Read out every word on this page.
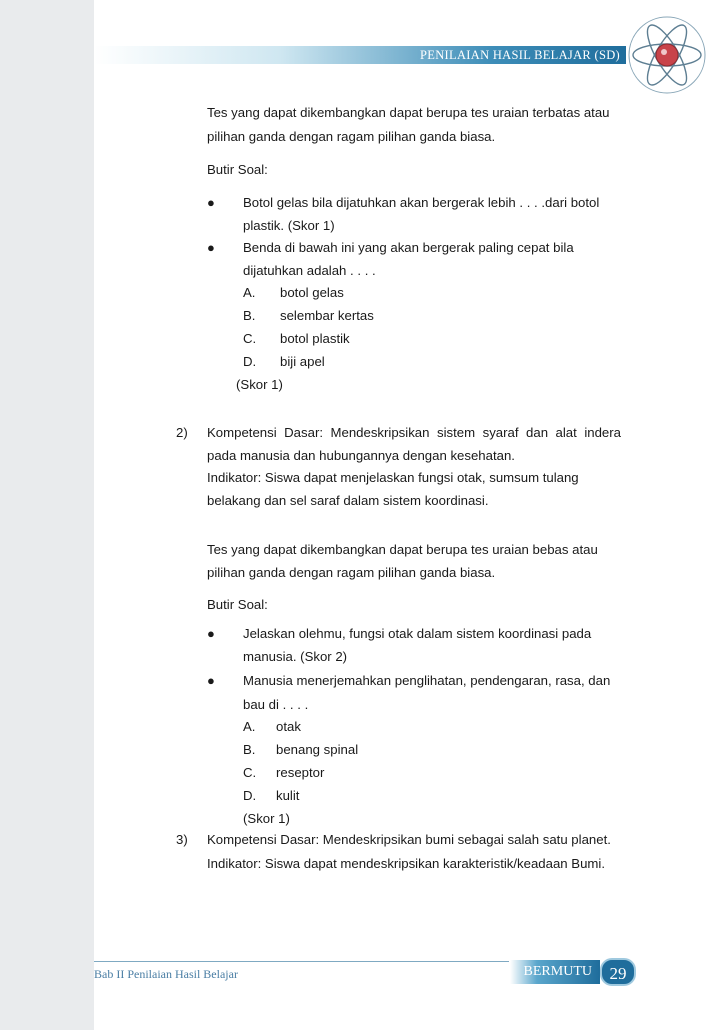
PENILAIAN HASIL BELAJAR (SD)
Tes yang dapat dikembangkan dapat berupa tes uraian terbatas atau
pilihan ganda dengan ragam pilihan ganda biasa.
Butir Soal:
● Botol gelas bila dijatuhkan akan bergerak lebih . . . .dari botol
plastik. (Skor 1)
● Benda di bawah ini yang akan bergerak paling cepat bila
dijatuhkan adalah . . . .
A. botol gelas
B. selembar kertas
C. botol plastik
D. biji apel
(Skor 1)
2) Kompetensi Dasar: Mendeskripsikan sistem syaraf dan alat indera
pada manusia dan hubungannya dengan kesehatan.
Indikator: Siswa dapat menjelaskan fungsi otak, sumsum tulang
belakang dan sel saraf dalam sistem koordinasi.
Tes yang dapat dikembangkan dapat berupa tes uraian bebas atau
pilihan ganda dengan ragam pilihan ganda biasa.
Butir Soal:
● Jelaskan olehmu, fungsi otak dalam sistem koordinasi pada
manusia. (Skor 2)
● Manusia menerjemahkan penglihatan, pendengaran, rasa, dan
bau di . . . .
A. otak
B. benang spinal
C. reseptor
D. kulit
(Skor 1)
3) Kompetensi Dasar: Mendeskripsikan bumi sebagai salah satu planet.
Indikator: Siswa dapat mendeskripsikan karakteristik/keadaan Bumi.
Bab II Penilaian Hasil Belajar	BERMUTU	29
